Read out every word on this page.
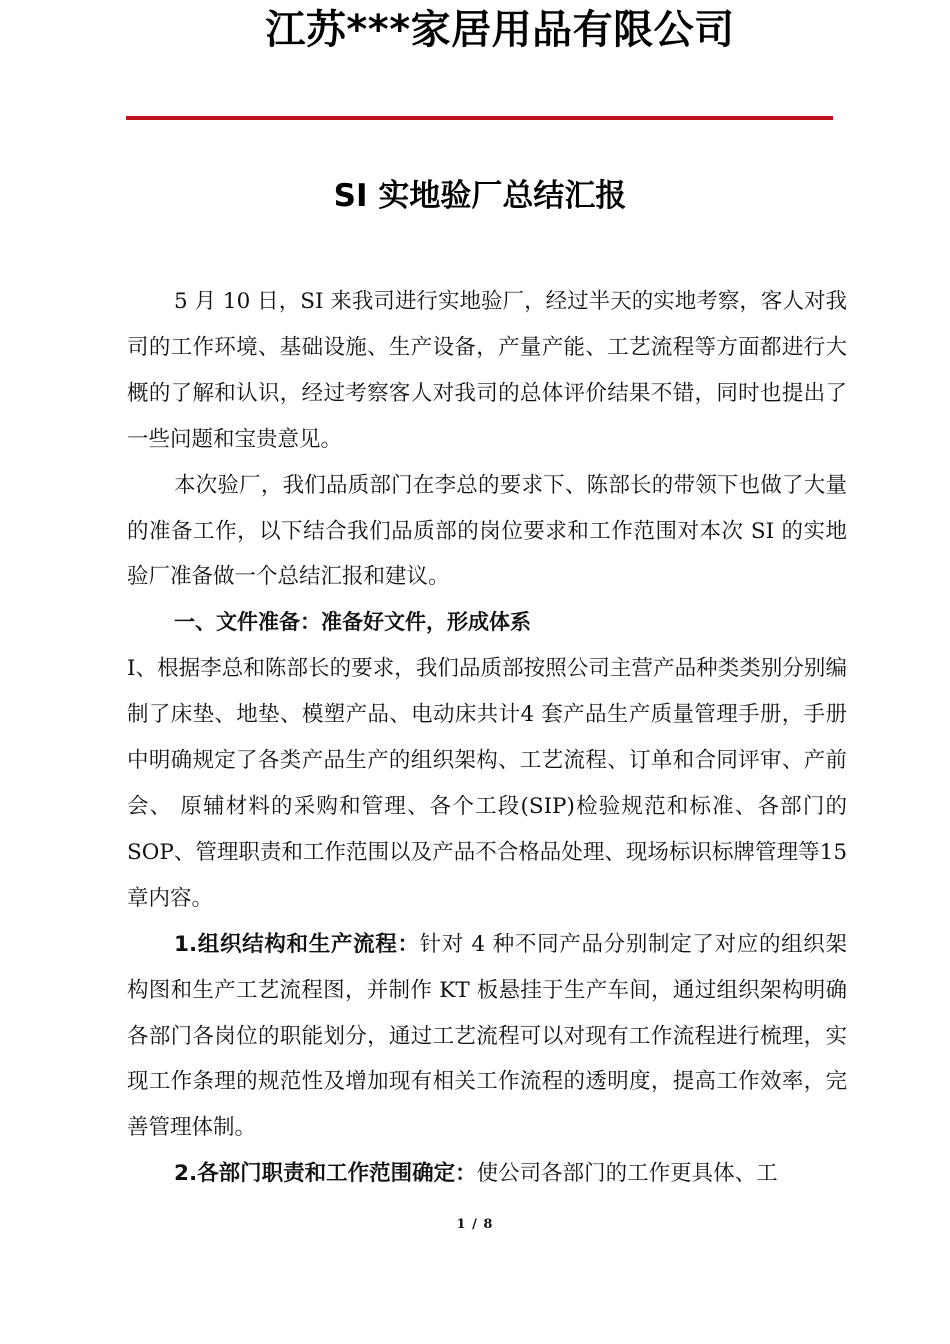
江苏***家居用品有限公司
SI 实地验厂总结汇报

5 月 10 日，SI 来我司进行实地验厂，经过半天的实地考察，客人对我司的工作环境、基础设施、生产设备，产量产能、工艺流程等方面都进行大概的了解和认识，经过考察客人对我司的总体评价结果不错，同时也提出了一些问题和宝贵意见。

本次验厂，我们品质部门在李总的要求下、陈部长的带领下也做了大量的准备工作，以下结合我们品质部的岗位要求和工作范围对本次 SI 的实地验厂准备做一个总结汇报和建议。

一、文件准备：准备好文件，形成体系

Ⅰ、根据李总和陈部长的要求，我们品质部按照公司主营产品种类类别分别编制了床垫、地垫、模塑产品、电动床共计4 套产品生产质量管理手册，手册中明确规定了各类产品生产的组织架构、工艺流程、订单和合同评审、产前会、 原辅材料的采购和管理、各个工段(SIP)检验规范和标准、各部门的SOP、管理职责和工作范围以及产品不合格品处理、现场标识标牌管理等15 章内容。

1.组织结构和生产流程：针对 4 种不同产品分别制定了对应的组织架构图和生产工艺流程图，并制作 KT 板悬挂于生产车间，通过组织架构明确各部门各岗位的职能划分，通过工艺流程可以对现有工作流程进行梳理，实现工作条理的规范性及增加现有相关工作流程的透明度，提高工作效率，完善管理体制。

2.各部门职责和工作范围确定：使公司各部门的工作更具体、工

1 / 8
